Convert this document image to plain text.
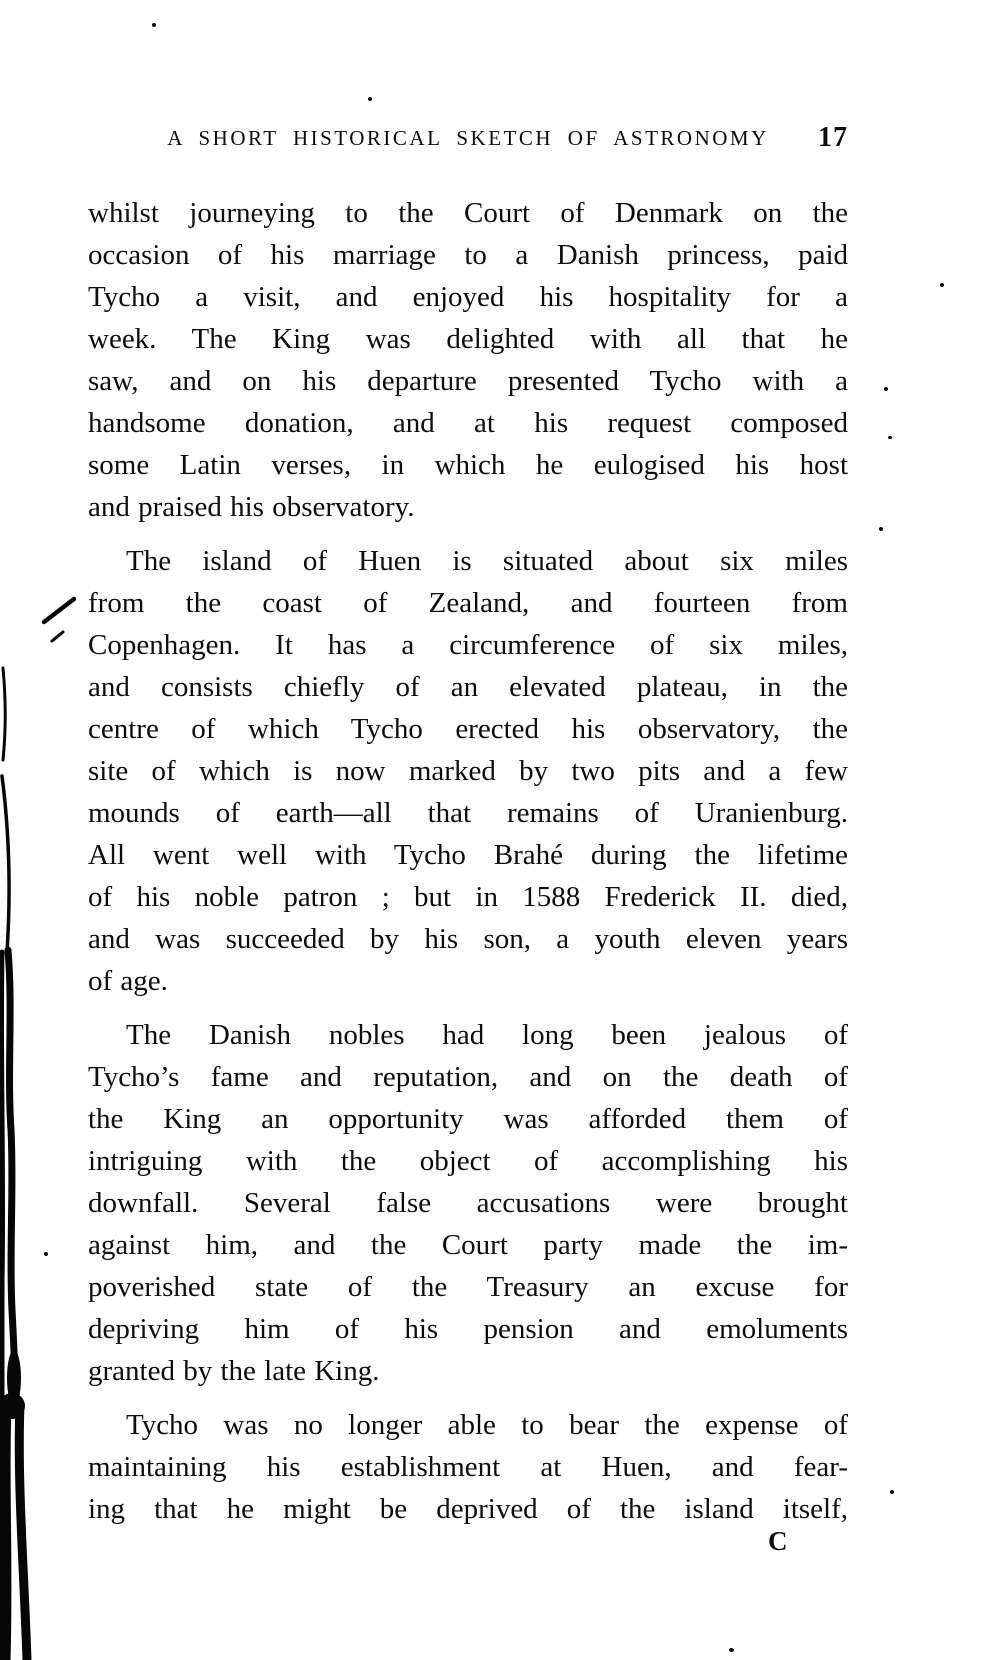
A SHORT HISTORICAL SKETCH OF ASTRONOMY	17
whilst journeying to the Court of Denmark on the
occasion of his marriage to a Danish princess, paid
Tycho a visit, and enjoyed his hospitality for a
week. The King was delighted with all that he
saw, and on his departure presented Tycho with a
handsome donation, and at his request composed
some Latin verses, in which he eulogised his host
and praised his observatory.
The island of Huen is situated about six miles
from the coast of Zealand, and fourteen from
Copenhagen. It has a circumference of six miles,
and consists chiefly of an elevated plateau, in the
centre of which Tycho erected his observatory, the
site of which is now marked by two pits and a few
mounds of earth—all that remains of Uranienburg.
All went well with Tycho Brahé during the lifetime
of his noble patron ; but in 1588 Frederick II. died,
and was succeeded by his son, a youth eleven years
of age.
The Danish nobles had long been jealous of
Tycho’s fame and reputation, and on the death of
the King an opportunity was afforded them of
intriguing with the object of accomplishing his
downfall. Several false accusations were brought
against him, and the Court party made the im-
poverished state of the Treasury an excuse for
depriving him of his pension and emoluments
granted by the late King.
Tycho was no longer able to bear the expense of
maintaining his establishment at Huen, and fear-
ing that he might be deprived of the island itself,
C
